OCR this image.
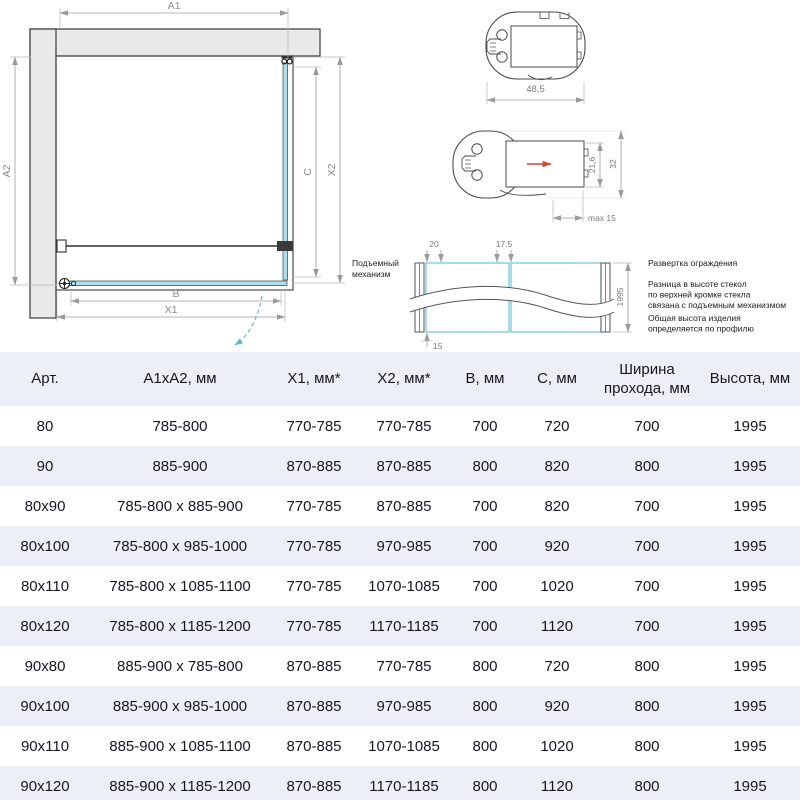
A1
A2	C X2
B
X1
48,5
21,6 32
max 15
Подъемный
механизм
20	17,5
15
1995
Развертка ограждения
Разница в высоте стекол
по верхней кромке стекла
связана с подъемным механизмом
Общая высота изделия
определяется по профилю
Арт.	А1хА2, мм	Х1, мм*	Х2, мм*	В, мм	С, мм	Ширина прохода, мм	Высота, мм
80	785-800	770-785	770-785	700	720	700	1995
90	885-900	870-885	870-885	800	820	800	1995
80x90	785-800 x 885-900	770-785	870-885	700	820	700	1995
80x100	785-800 x 985-1000	770-785	970-985	700	920	700	1995
80x110	785-800 x 1085-1100	770-785	1070-1085	700	1020	700	1995
80x120	785-800 x 1185-1200	770-785	1170-1185	700	1120	700	1995
90x80	885-900 x 785-800	870-885	770-785	800	720	800	1995
90x100	885-900 x 985-1000	870-885	970-985	800	920	800	1995
90x110	885-900 x 1085-1100	870-885	1070-1085	800	1020	800	1995
90x120	885-900 x 1185-1200	870-885	1170-1185	800	1120	800	1995
